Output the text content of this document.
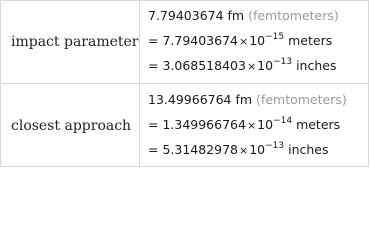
impact parameter
7.79403674 fm (femtometers)
= $7.79403674\times 10^{-15}$ meters
= $3.068518403\times 10^{-13}$ inches
closest approach
13.49966764 fm (femtometers)
= $1.349966764\times 10^{-14}$ meters
= $5.31482978\times 10^{-13}$ inches
